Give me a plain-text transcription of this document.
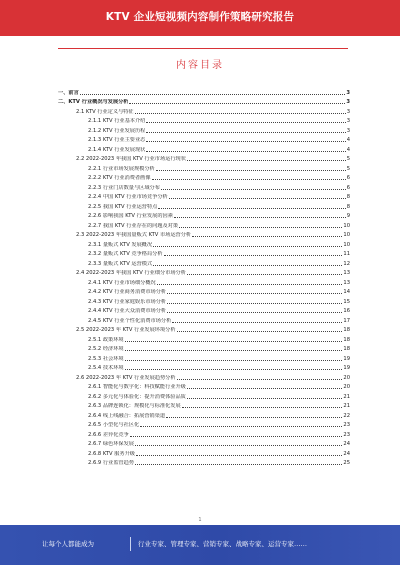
KTV 企业短视频内容制作策略研究报告
内容目录
一、前言	3
二、KTV 行业概况与发展分析	3
2.1 KTV 行业定义与特征	3
2.1.1 KTV 行业基本介绍	3
2.1.2 KTV 行业发展历程	3
2.1.3 KTV 行业主要业态	4
2.1.4 KTV 行业发展现状	4
2.2 2022-2023 年我国 KTV 行业市场运行现状	5
2.2.1 行业市场发展规模分析	5
2.2.2 KTV 行业消费者画像	6
2.2.3 行业门店数量与区域分布	6
2.2.4 中国 KTV 行业市场竞争分析	8
2.2.5 我国 KTV 行业运营特点	8
2.2.6 影响我国 KTV 行业发展的因素	9
2.2.7 我国 KTV 行业存在的问题及对策	10
2.3 2022-2023 年我国量贩式 KTV 市场运营分析	10
2.3.1 量贩式 KTV 发展概况	10
2.3.2 量贩式 KTV 竞争格局分析	11
2.3.3 量贩式 KTV 运营模式	12
2.4 2022-2023 年我国 KTV 行业细分市场分析	13
2.4.1 KTV 行业市场细分概况	13
2.4.2 KTV 行业商务消费市场分析	14
2.4.3 KTV 行业家庭娱乐市场分析	15
2.4.4 KTV 行业大众消费市场分析	16
2.4.5 KTV 行业个性化消费市场分析	17
2.5 2022-2023 年 KTV 行业发展环境分析	18
2.5.1 政策环境	18
2.5.2 经济环境	18
2.5.3 社会环境	19
2.5.4 技术环境	19
2.6 2022-2023 年 KTV 行业发展趋势分析	20
2.6.1 智能化与数字化：科技赋能行业升级	20
2.6.2 多元化与体验化：提升消费体验品质	21
2.6.3 品牌连锁化：规模化与标准化发展	21
2.6.4 线上线融合：拓展营销渠道	22
2.6.5 小型化与社区化	23
2.6.6 差异化竞争	23
2.6.7 绿色环保发展	24
2.6.8 KTV 服务升级	24
2.6.9 行业监管趋势	25
1
让每个人都能成为	行业专家、管理专家、营销专家、战略专家、运营专家……
